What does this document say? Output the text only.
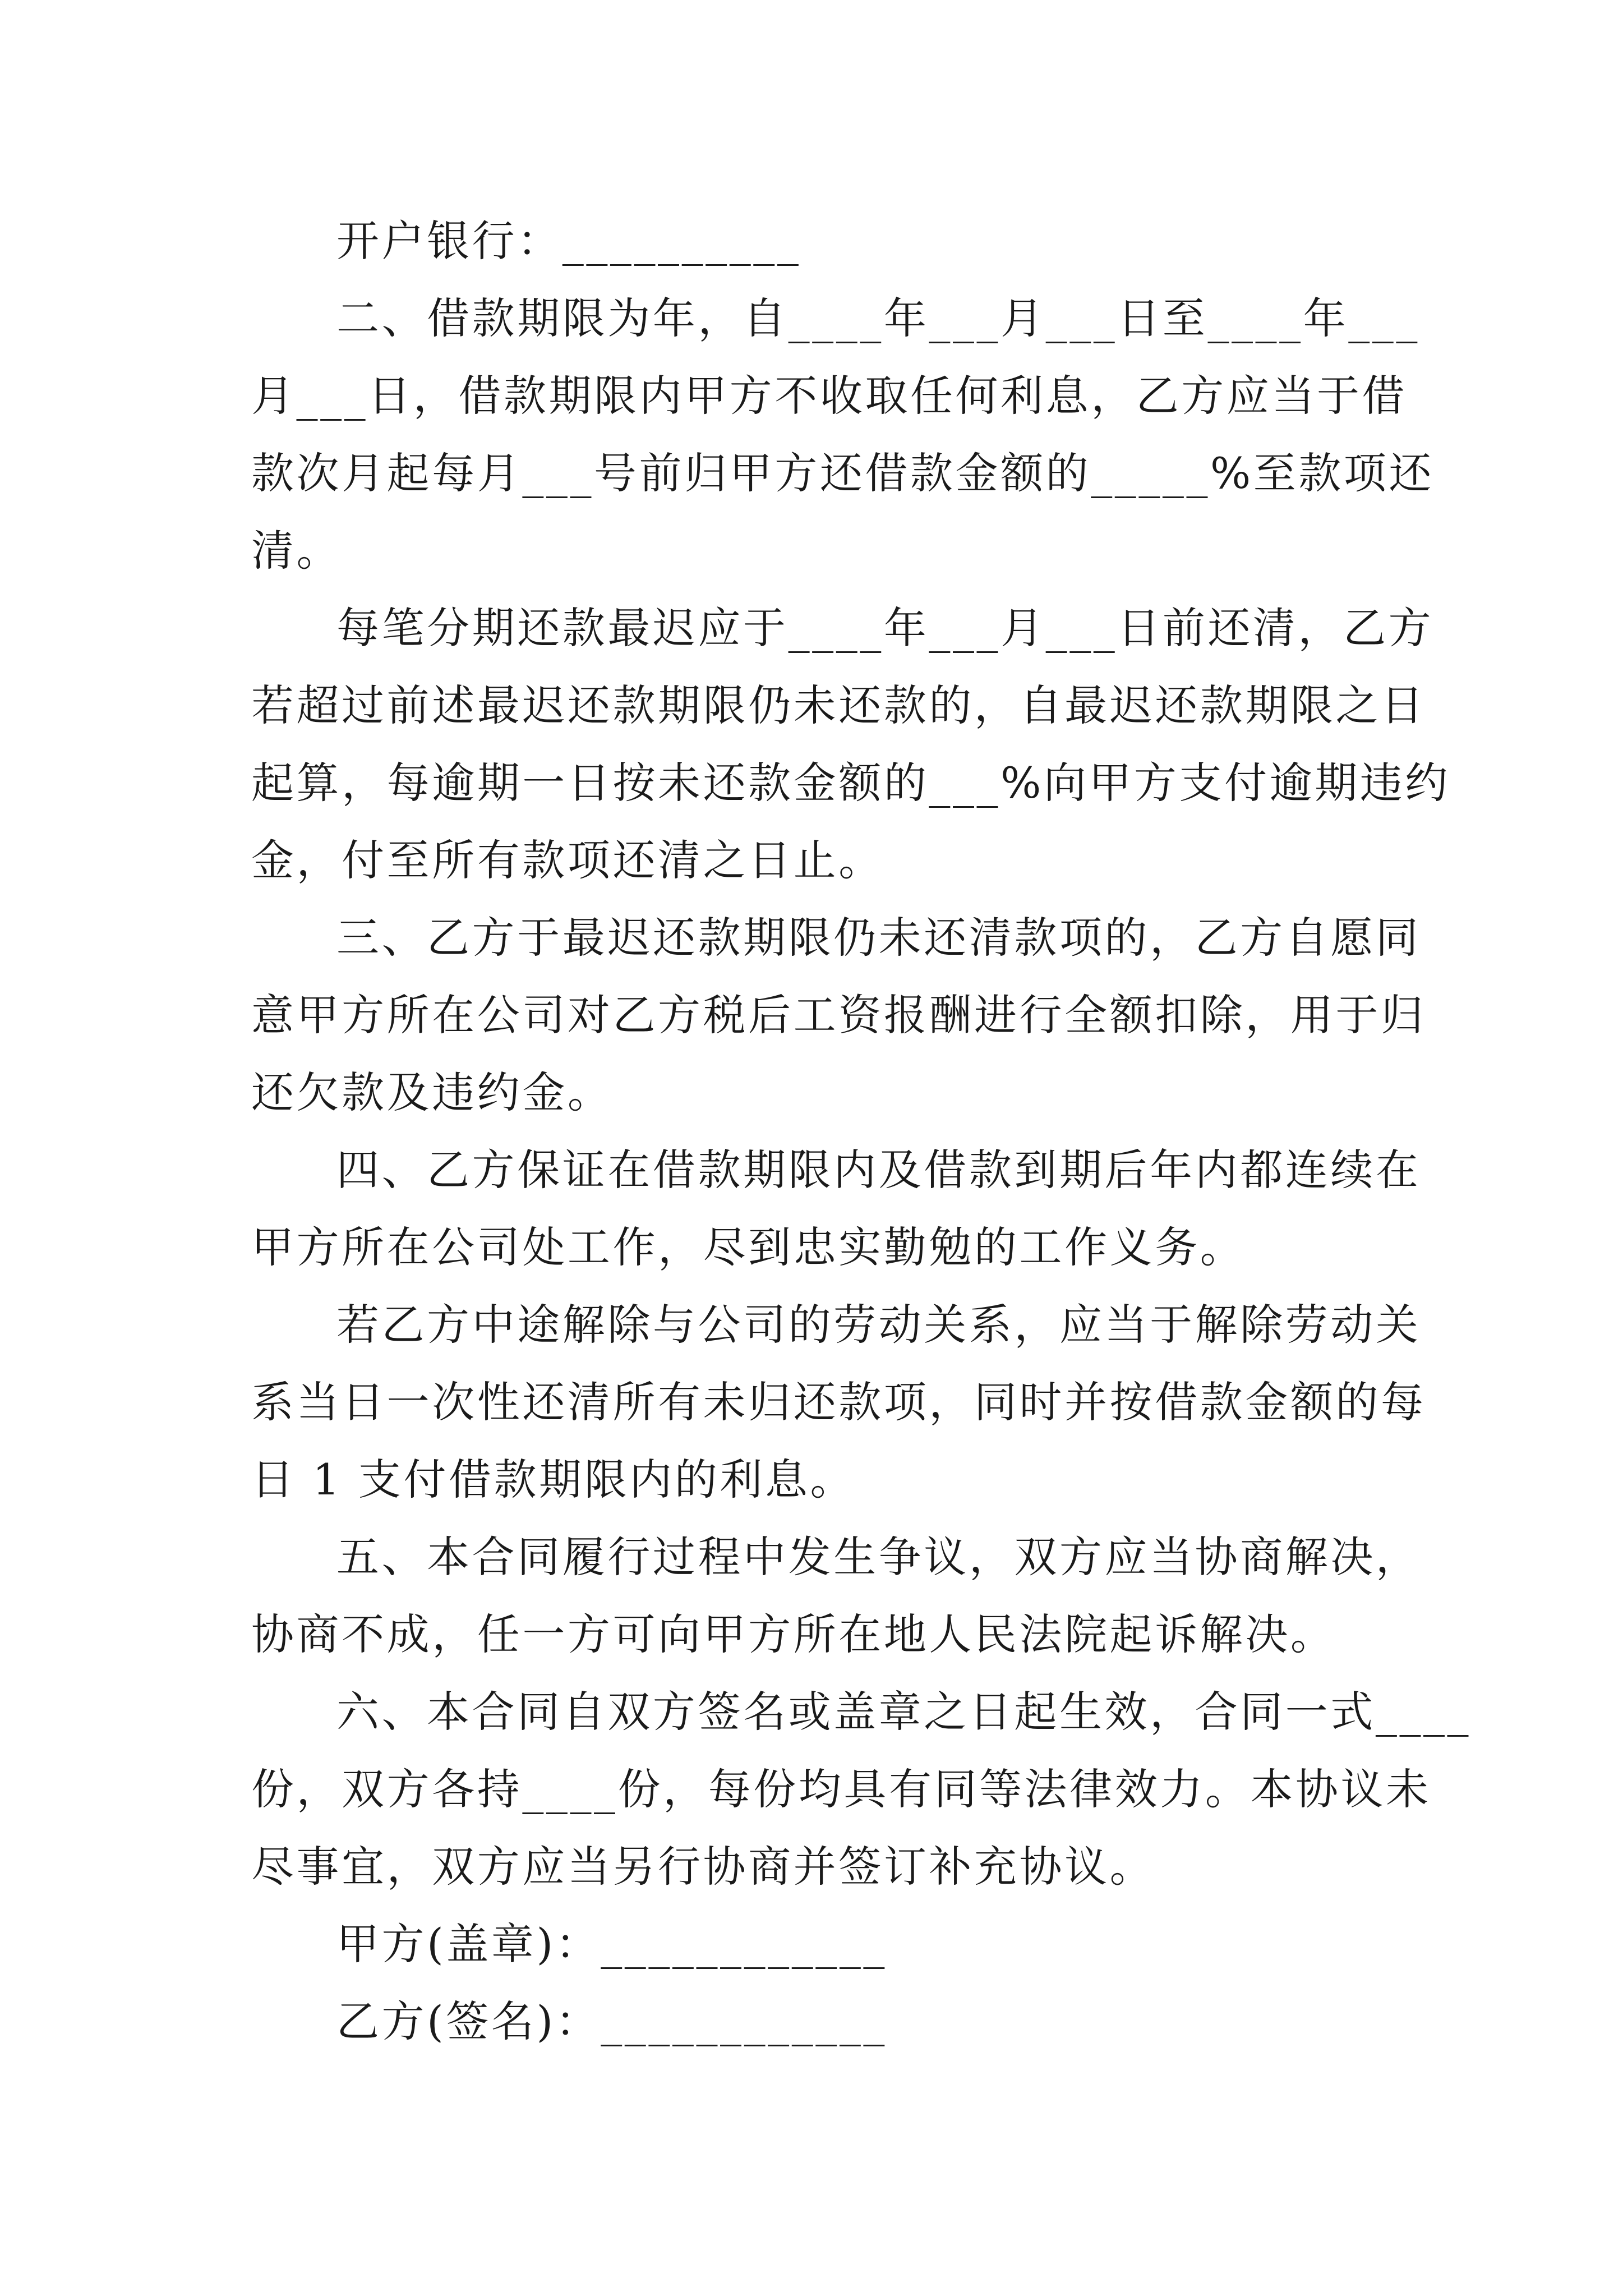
开户银行：__________
二、借款期限为年，自____年___月___日至____年___
月___日，借款期限内甲方不收取任何利息，乙方应当于借
款次月起每月___号前归甲方还借款金额的_____%至款项还
清。
每笔分期还款最迟应于____年___月___日前还清，乙方
若超过前述最迟还款期限仍未还款的，自最迟还款期限之日
起算，每逾期一日按未还款金额的___%向甲方支付逾期违约
金，付至所有款项还清之日止。
三、乙方于最迟还款期限仍未还清款项的，乙方自愿同
意甲方所在公司对乙方税后工资报酬进行全额扣除，用于归
还欠款及违约金。
四、乙方保证在借款期限内及借款到期后年内都连续在
甲方所在公司处工作，尽到忠实勤勉的工作义务。
若乙方中途解除与公司的劳动关系，应当于解除劳动关
系当日一次性还清所有未归还款项，同时并按借款金额的每
日 1 支付借款期限内的利息。
五、本合同履行过程中发生争议，双方应当协商解决，
协商不成，任一方可向甲方所在地人民法院起诉解决。
六、本合同自双方签名或盖章之日起生效，合同一式____
份，双方各持____份，每份均具有同等法律效力。本协议未
尽事宜，双方应当另行协商并签订补充协议。
甲方(盖章)：____________
乙方(签名)：____________
